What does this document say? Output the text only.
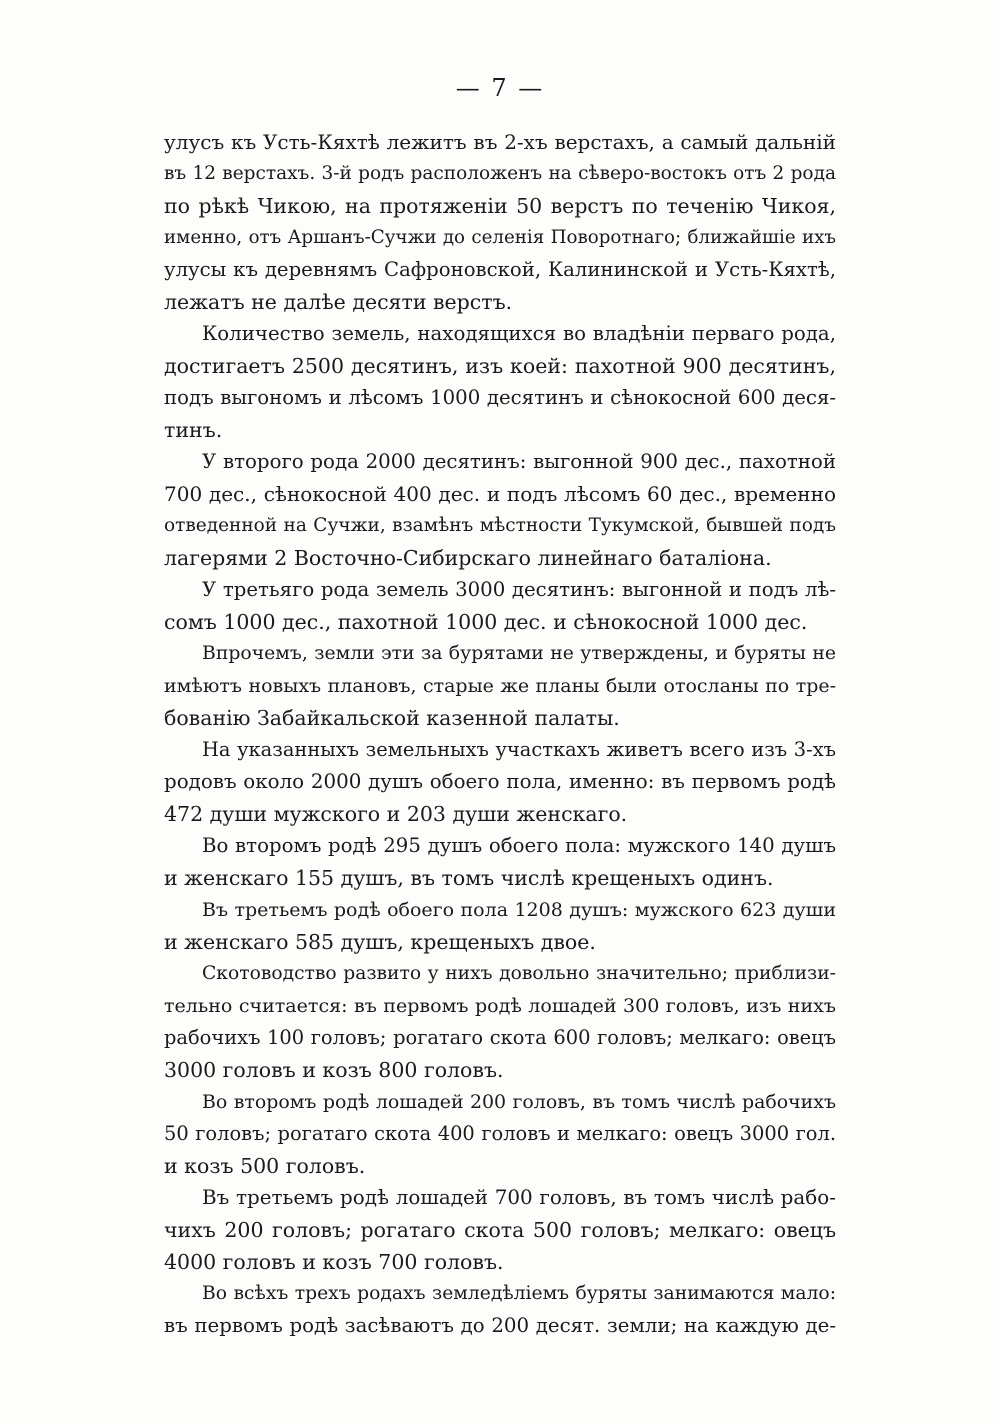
— 7 —
улусъ къ Усть-Кяхтѣ лежитъ въ 2-хъ верстахъ, а самый дальнiй
въ 12 верстахъ. 3-й родъ расположенъ на сѣверо-востокъ отъ 2 рода
по рѣкѣ Чикою, на протяженiи 50 верстъ по теченiю Чикоя,
именно, отъ Аршанъ-Сучжи до селенiя Поворотнаго; ближайшiе ихъ
улусы къ деревнямъ Сафроновской, Калининской и Усть-Кяхтѣ,
лежатъ не далѣе десяти верстъ.
Количество земель, находящихся во владѣнiи перваго рода,
достигаетъ 2500 десятинъ, изъ коей: пахотной 900 десятинъ,
подъ выгономъ и лѣсомъ 1000 десятинъ и сѣнокосной 600 деся-
тинъ.
У второго рода 2000 десятинъ: выгонной 900 дес., пахотной
700 дес., сѣнокосной 400 дес. и подъ лѣсомъ 60 дес., временно
отведенной на Сучжи, взамѣнъ мѣстности Тукумской, бывшей подъ
лагерями 2 Восточно-Сибирскаго линейнаго баталiона.
У третьяго рода земель 3000 десятинъ: выгонной и подъ лѣ-
сомъ 1000 дес., пахотной 1000 дес. и сѣнокосной 1000 дес.
Впрочемъ, земли эти за бурятами не утверждены, и буряты не
имѣютъ новыхъ плановъ, старые же планы были отосланы по тре-
бованiю Забайкальской казенной палаты.
На указанныхъ земельныхъ участкахъ живетъ всего изъ 3-хъ
родовъ около 2000 душъ обоего пола, именно: въ первомъ родѣ
472 души мужского и 203 души женскаго.
Во второмъ родѣ 295 душъ обоего пола: мужского 140 душъ
и женскаго 155 душъ, въ томъ числѣ крещеныхъ одинъ.
Въ третьемъ родѣ обоего пола 1208 душъ: мужского 623 души
и женскаго 585 душъ, крещеныхъ двое.
Скотоводство развито у нихъ довольно значительно; приблизи-
тельно считается: въ первомъ родѣ лошадей 300 головъ, изъ нихъ
рабочихъ 100 головъ; рогатаго скота 600 головъ; мелкаго: овецъ
3000 головъ и козъ 800 головъ.
Во второмъ родѣ лошадей 200 головъ, въ томъ числѣ рабочихъ
50 головъ; рогатаго скота 400 головъ и мелкаго: овецъ 3000 гол.
и козъ 500 головъ.
Въ третьемъ родѣ лошадей 700 головъ, въ томъ числѣ рабо-
чихъ 200 головъ; рогатаго скота 500 головъ; мелкаго: овецъ
4000 головъ и козъ 700 головъ.
Во всѣхъ трехъ родахъ земледѣлiемъ буряты занимаются мало:
въ первомъ родѣ засѣваютъ до 200 десят. земли; на каждую де-
